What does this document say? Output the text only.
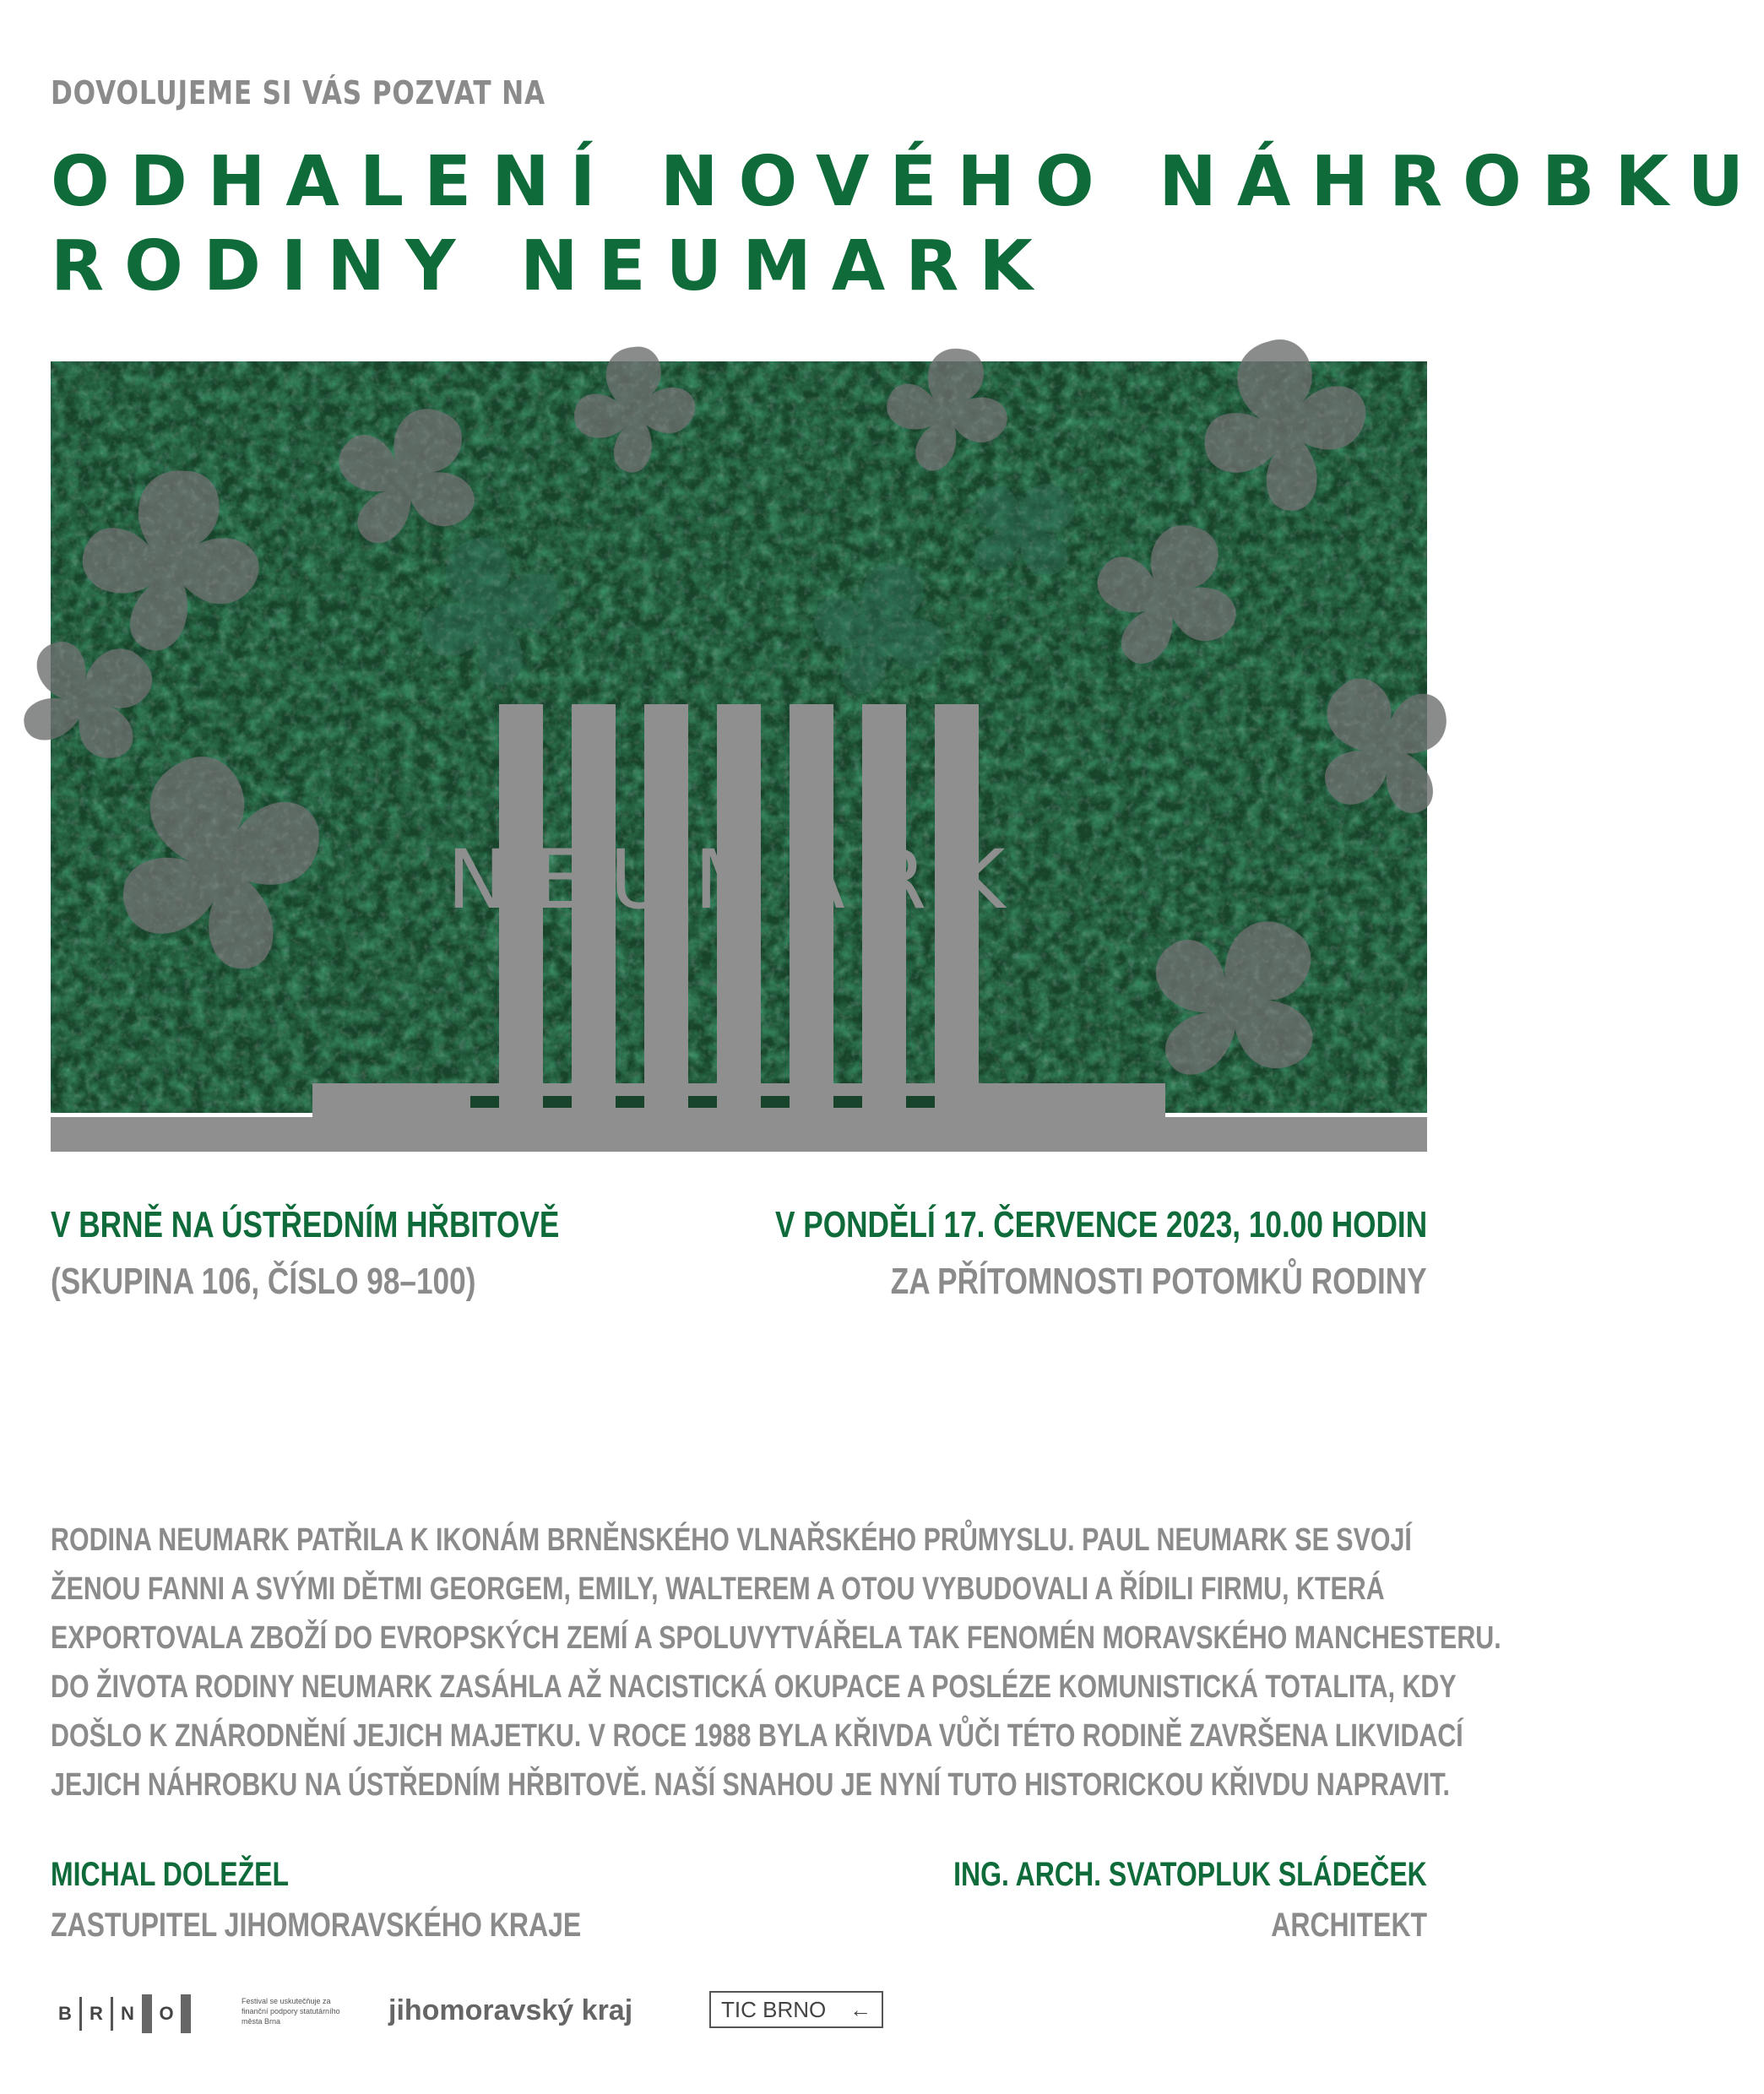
DOVOLUJEME SI VÁS POZVAT NA
ODHALENÍ NOVÉHO NÁHROBKU
RODINY NEUMARK
NEUMARK
V BRNĚ NA ÚSTŘEDNÍM HŘBITOVĚ
(SKUPINA 106, ČÍSLO 98–100)
V PONDĚLÍ 17. ČERVENCE 2023, 10.00 HODIN
ZA PŘÍTOMNOSTI POTOMKŮ RODINY
RODINA NEUMARK PATŘILA K IKONÁM BRNĚNSKÉHO VLNAŘSKÉHO PRŮMYSLU. PAUL NEUMARK SE SVOJÍ
ŽENOU FANNI A SVÝMI DĚTMI GEORGEM, EMILY, WALTEREM A OTOU VYBUDOVALI A ŘÍDILI FIRMU, KTERÁ
EXPORTOVALA ZBOŽÍ DO EVROPSKÝCH ZEMÍ A SPOLUVYTVÁŘELA TAK FENOMÉN MORAVSKÉHO MANCHESTERU.
DO ŽIVOTA RODINY NEUMARK ZASÁHLA AŽ NACISTICKÁ OKUPACE A POSLÉZE KOMUNISTICKÁ TOTALITA, KDY
DOŠLO K ZNÁRODNĚNÍ JEJICH MAJETKU. V ROCE 1988 BYLA KŘIVDA VŮČI TÉTO RODINĚ ZAVRŠENA LIKVIDACÍ
JEJICH NÁHROBKU NA ÚSTŘEDNÍM HŘBITOVĚ. NAŠÍ SNAHOU JE NYNÍ TUTO HISTORICKOU KŘIVDU NAPRAVIT.
MICHAL DOLEŽEL
ZASTUPITEL JIHOMORAVSKÉHO KRAJE
ING. ARCH. SVATOPLUK SLÁDEČEK
ARCHITEKT
B R N	O
Festival se uskutečňuje za finanční podpory statutárního města Brna	jihomoravský kraj	TIC BRNO ←
